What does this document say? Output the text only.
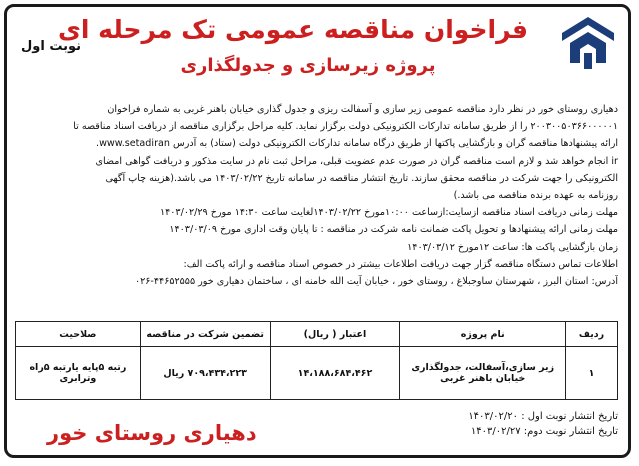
فراخوان مناقصه عمومی تک مرحله ای
پروژه زیرسازی و جدولگذاری
نوبت اول
دهیاری روستای خور در نظر دارد مناقصه عمومی زیر سازی و آسفالت ریزی و جدول گذاری خیابان باهنر غربی به شماره فراخوان
۲۰۰۳۰۰۵۰۳۶۶۰۰۰۰۰۱ را از طریق سامانه تدارکات الکترونیکی دولت برگزار نماید. کلیه مراحل برگزاری مناقصه از دریافت اسناد مناقصه تا
ارائه پیشنهادها مناقصه گران و بازگشایی پاکتها از طریق درگاه سامانه تدارکات الکترونیکی دولت (ستاد) به آدرس www.setadiran.
ir انجام خواهد شد و لازم است مناقصه گران در صورت عدم عضویت قبلی، مراحل ثبت نام در سایت مذکور و دریافت گواهی امضای
الکترونیکی را جهت شرکت در مناقصه محقق سازند. تاریخ انتشار مناقصه در سامانه تاریخ ۱۴۰۳/۰۲/۲۲ می باشد.(هزینه چاپ آگهی
روزنامه به عهده برنده مناقصه می باشد.)
مهلت زمانی دریافت اسناد مناقصه ازسایت:ازساعت ۱۰:۰۰مورخ ۱۴۰۳/۰۲/۲۲لغایت ساعت ۱۴:۳۰ مورخ ۱۴۰۳/۰۲/۲۹
مهلت زمانی ارائه پیشنهادها و تحویل پاکت ضمانت نامه شرکت در مناقصه : تا پایان وقت اداری مورخ ۱۴۰۳/۰۳/۰۹
زمان بازگشایی پاکت ها: ساعت ۱۲مورخ ۱۴۰۳/۰۳/۱۲
اطلاعات تماس دستگاه مناقصه گزار جهت دریافت اطلاعات بیشتر در خصوص اسناد مناقصه و ارائه پاکت الف:
آدرس: استان البرز ، شهرستان ساوجبلاغ ، روستای خور ، خیابان آیت الله خامنه ای ، ساختمان دهیاری خور ۴۴۶۵۲۵۵۵-۰۲۶
ردیف	نام پروژه	اعتبار ( ریال)	تضمین شرکت در مناقصه	صلاحیت
۱	زیر سازی،آسفالت، جدولگذاری خیابان باهنر غربی	۱۴،۱۸۸،۶۸۴،۴۶۲	۷۰۹،۴۳۴،۲۲۳ ریال	رتبه ۵پایه یارتبه ۵راه وترابری
تاریخ انتشار نوبت اول : ۱۴۰۳/۰۲/۲۰
تاریخ انتشار نوبت دوم: ۱۴۰۳/۰۲/۲۷
دهیاری روستای خور
